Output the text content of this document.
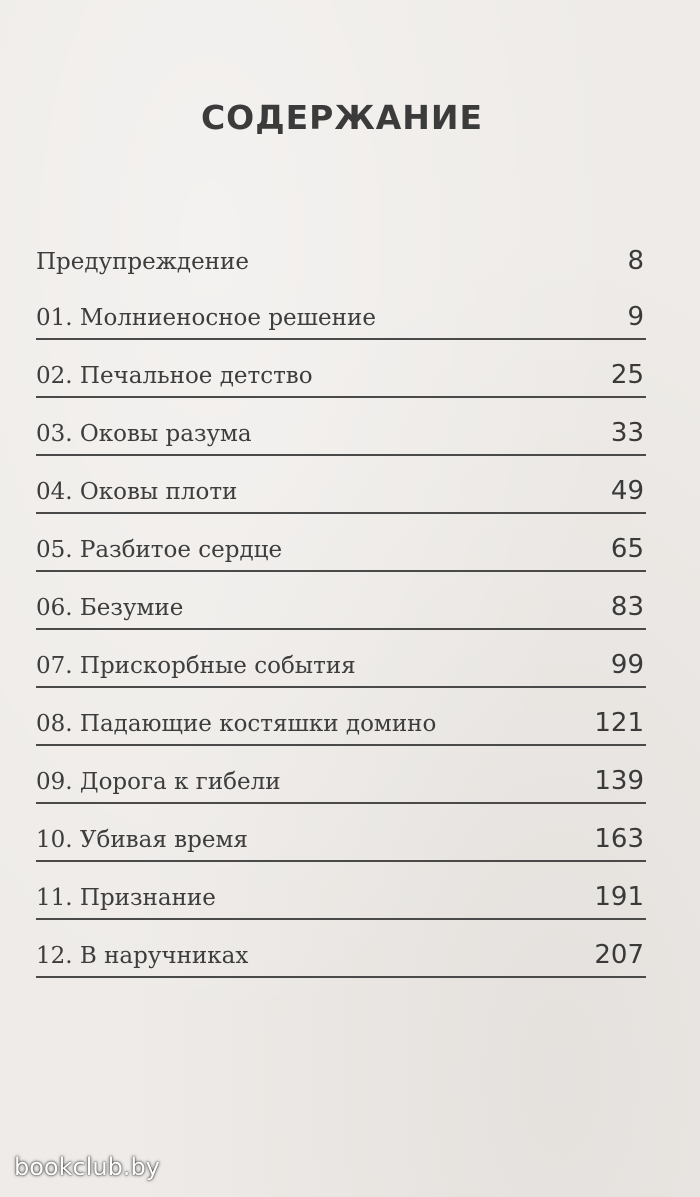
СОДЕРЖАНИЕ
Предупреждение	8
01. Молниеносное решение	9
02. Печальное детство	25
03. Оковы разума	33
04. Оковы плоти	49
05. Разбитое сердце	65
06. Безумие	83
07. Прискорбные события	99
08. Падающие костяшки домино	121
09. Дорога к гибели	139
10. Убивая время	163
11. Признание	191
12. В наручниках	207
bookclub.by
